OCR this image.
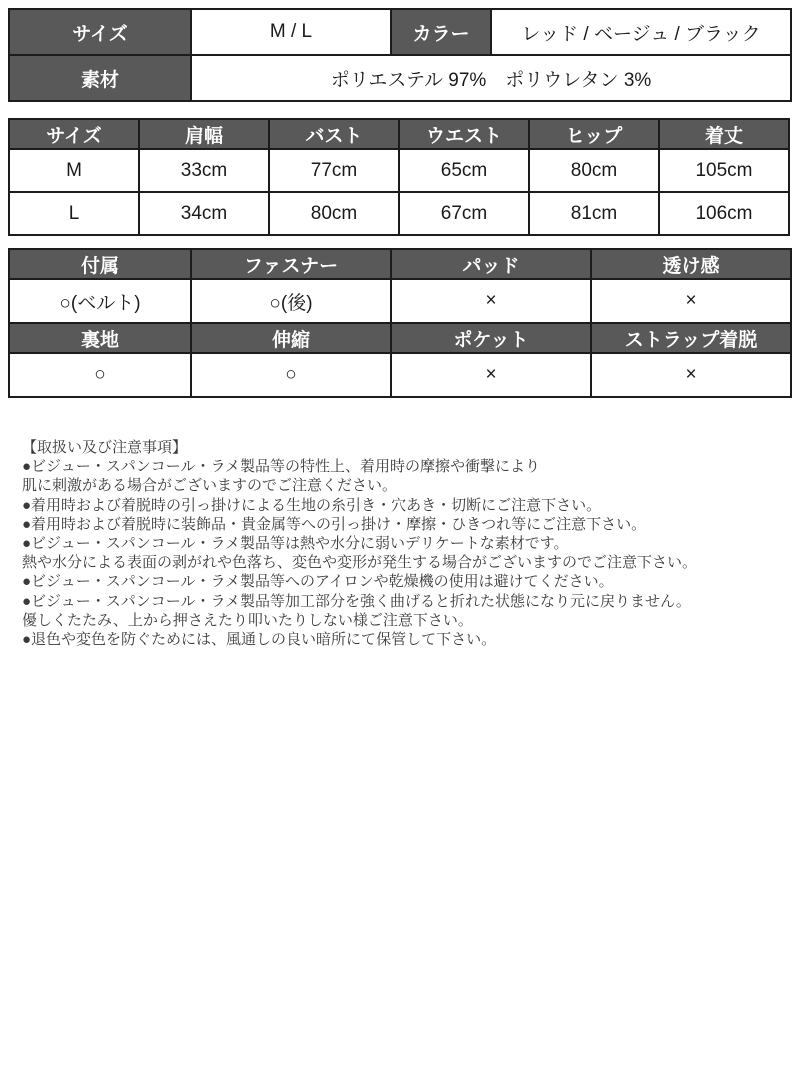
サイズ	M / L	カラー	レッド / ベージュ / ブラック
素材	ポリエステル 97%　ポリウレタン 3%		
サイズ	肩幅	バスト	ウエスト	ヒップ	着丈
M	33cm	77cm	65cm	80cm	105cm
L	34cm	80cm	67cm	81cm	106cm
付属	ファスナー	パッド	透け感
○(ベルト)	○(後)	×	×
裏地	伸縮	ポケット	ストラップ着脱
○	○	×	×
【取扱い及び注意事項】
●ビジュー・スパンコール・ラメ製品等の特性上、着用時の摩擦や衝撃により
肌に刺激がある場合がございますのでご注意ください。
●着用時および着脱時の引っ掛けによる生地の糸引き・穴あき・切断にご注意下さい。
●着用時および着脱時に装飾品・貴金属等への引っ掛け・摩擦・ひきつれ等にご注意下さい。
●ビジュー・スパンコール・ラメ製品等は熱や水分に弱いデリケートな素材です。
熱や水分による表面の剥がれや色落ち、変色や変形が発生する場合がございますのでご注意下さい。
●ビジュー・スパンコール・ラメ製品等へのアイロンや乾燥機の使用は避けてください。
●ビジュー・スパンコール・ラメ製品等加工部分を強く曲げると折れた状態になり元に戻りません。
優しくたたみ、上から押さえたり叩いたりしない様ご注意下さい。
●退色や変色を防ぐためには、風通しの良い暗所にて保管して下さい。
